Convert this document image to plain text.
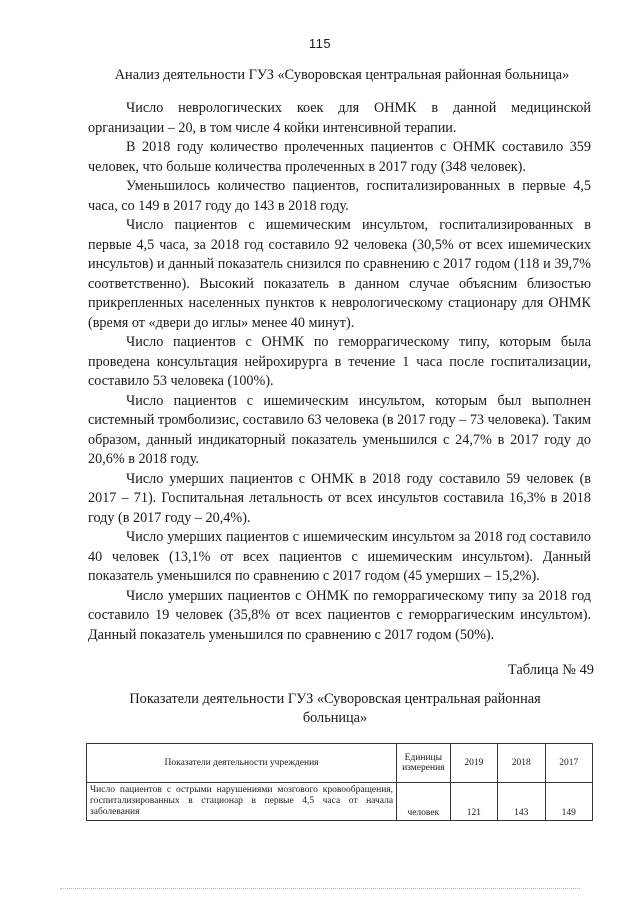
115
Анализ деятельности ГУЗ «Суворовская центральная районная больница»

Число неврологических коек для ОНМК в данной медицинской организации – 20, в том числе 4 койки интенсивной терапии.

В 2018 году количество пролеченных пациентов с ОНМК составило 359 человек, что больше количества пролеченных в 2017 году (348 человек).

Уменьшилось количество пациентов, госпитализированных в первые 4,5 часа, со 149 в 2017 году до 143 в 2018 году.

Число пациентов с ишемическим инсультом, госпитализированных в первые 4,5 часа, за 2018 год составило 92 человека (30,5% от всех ишемических инсультов) и данный показатель снизился по сравнению с 2017 годом (118 и 39,7% соответственно). Высокий показатель в данном случае объясним близостью прикрепленных населенных пунктов к неврологическому стационару для ОНМК (время от «двери до иглы» менее 40 минут).

Число пациентов с ОНМК по геморрагическому типу, которым была проведена консультация нейрохирурга в течение 1 часа после госпитализации, составило 53 человека (100%).

Число пациентов с ишемическим инсультом, которым был выполнен системный тромболизис, составило 63 человека (в 2017 году – 73 человека). Таким образом, данный индикаторный показатель уменьшился с 24,7% в 2017 году до 20,6% в 2018 году.

Число умерших пациентов с ОНМК в 2018 году составило 59 человек (в 2017 – 71). Госпитальная летальность от всех инсультов составила 16,3% в 2018 году (в 2017 году – 20,4%).

Число умерших пациентов с ишемическим инсультом за 2018 год составило 40 человек (13,1% от всех пациентов с ишемическим инсультом). Данный показатель уменьшился по сравнению с 2017 годом (45 умерших – 15,2%).

Число умерших пациентов с ОНМК по геморрагическому типу за 2018 год составило 19 человек (35,8% от всех пациентов с геморрагическим инсультом). Данный показатель уменьшился по сравнению с 2017 годом (50%).

Таблица № 49
Показатели деятельности ГУЗ «Суворовская центральная районная больница»
Показатели деятельности учреждения	Единицы измерения	2019	2018	2017
Число пациентов с острыми нарушениями мозгового кровообращения, госпитализированных в стационар в первые 4,5 часа от начала заболевания	человек	121	143	149
